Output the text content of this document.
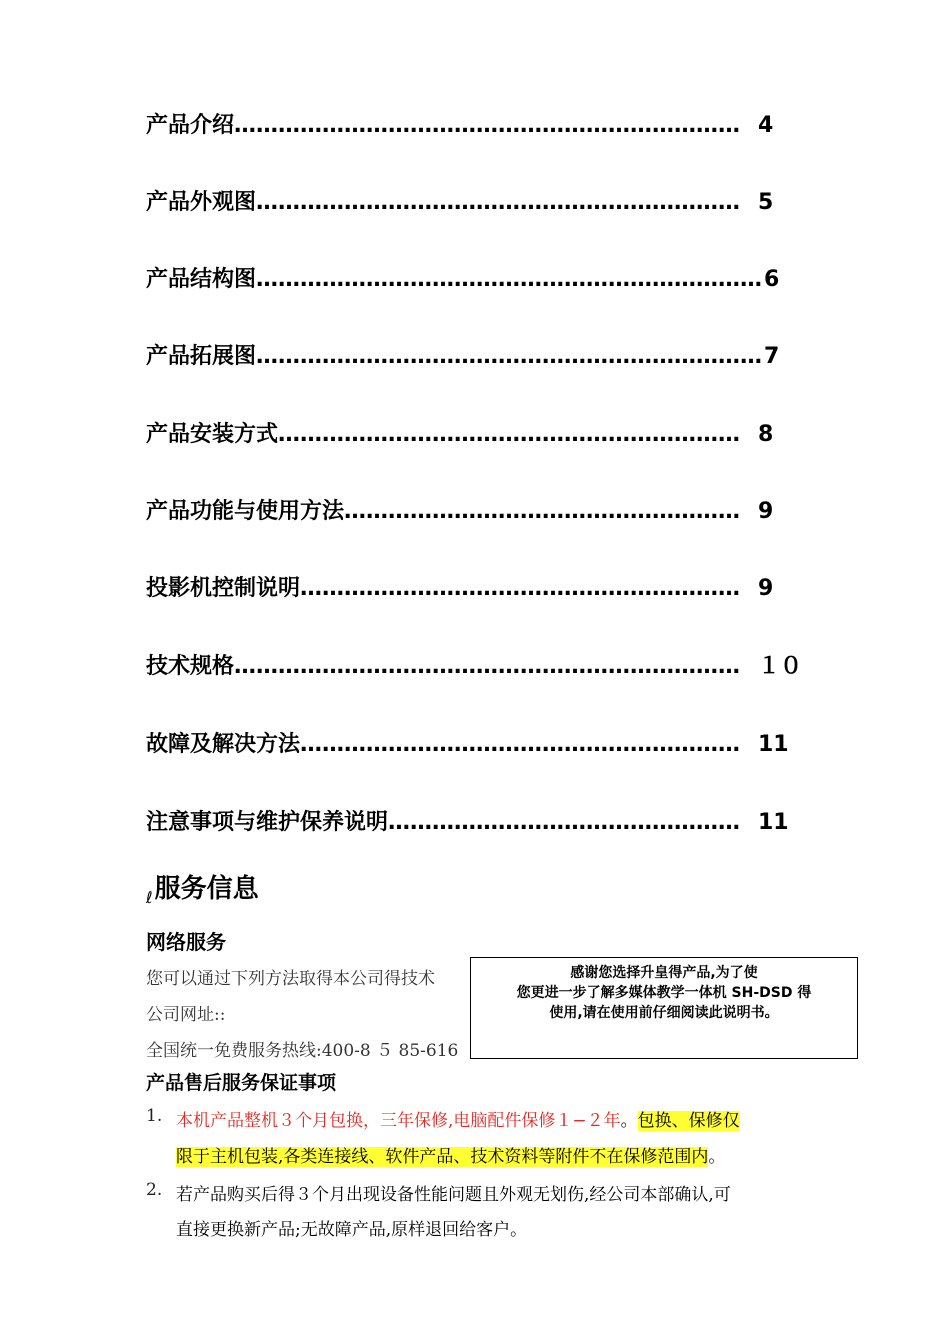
产品介绍…………………………………………………………… 4
产品外观图………………………………………………………… 5
产品结构图…………………………………………………………… 6
产品拓展图…………………………………………………………… 7
产品安装方式……………………………………………………… 8
产品功能与使用方法……………………………………………… 9
投影机控制说明…………………………………………………… 9
技术规格…………………………………………………………… １０
故障及解决方法…………………………………………………… 11
注意事项与维护保养说明………………………………………… 11
$_\ell$服务信息
网络服务
您可以通过下列方法取得本公司得技术
公司网址::
全国统一免费服务热线:400-8 ５ 85-616
感谢您选择升皇得产品,为了使
您更进一步了解多媒体教学一体机 SH-DSD 得
使用,请在使用前仔细阅读此说明书。
产品售后服务保证事项
1. 本机产品整机３个月包换，三年保修,电脑配件保修１−２年。包换、保修仅
限于主机包装,各类连接线、软件产品、技术资料等附件不在保修范围内。
2. 若产品购买后得３个月出现设备性能问题且外观无划伤,经公司本部确认,可
直接更换新产品;无故障产品,原样退回给客户。
